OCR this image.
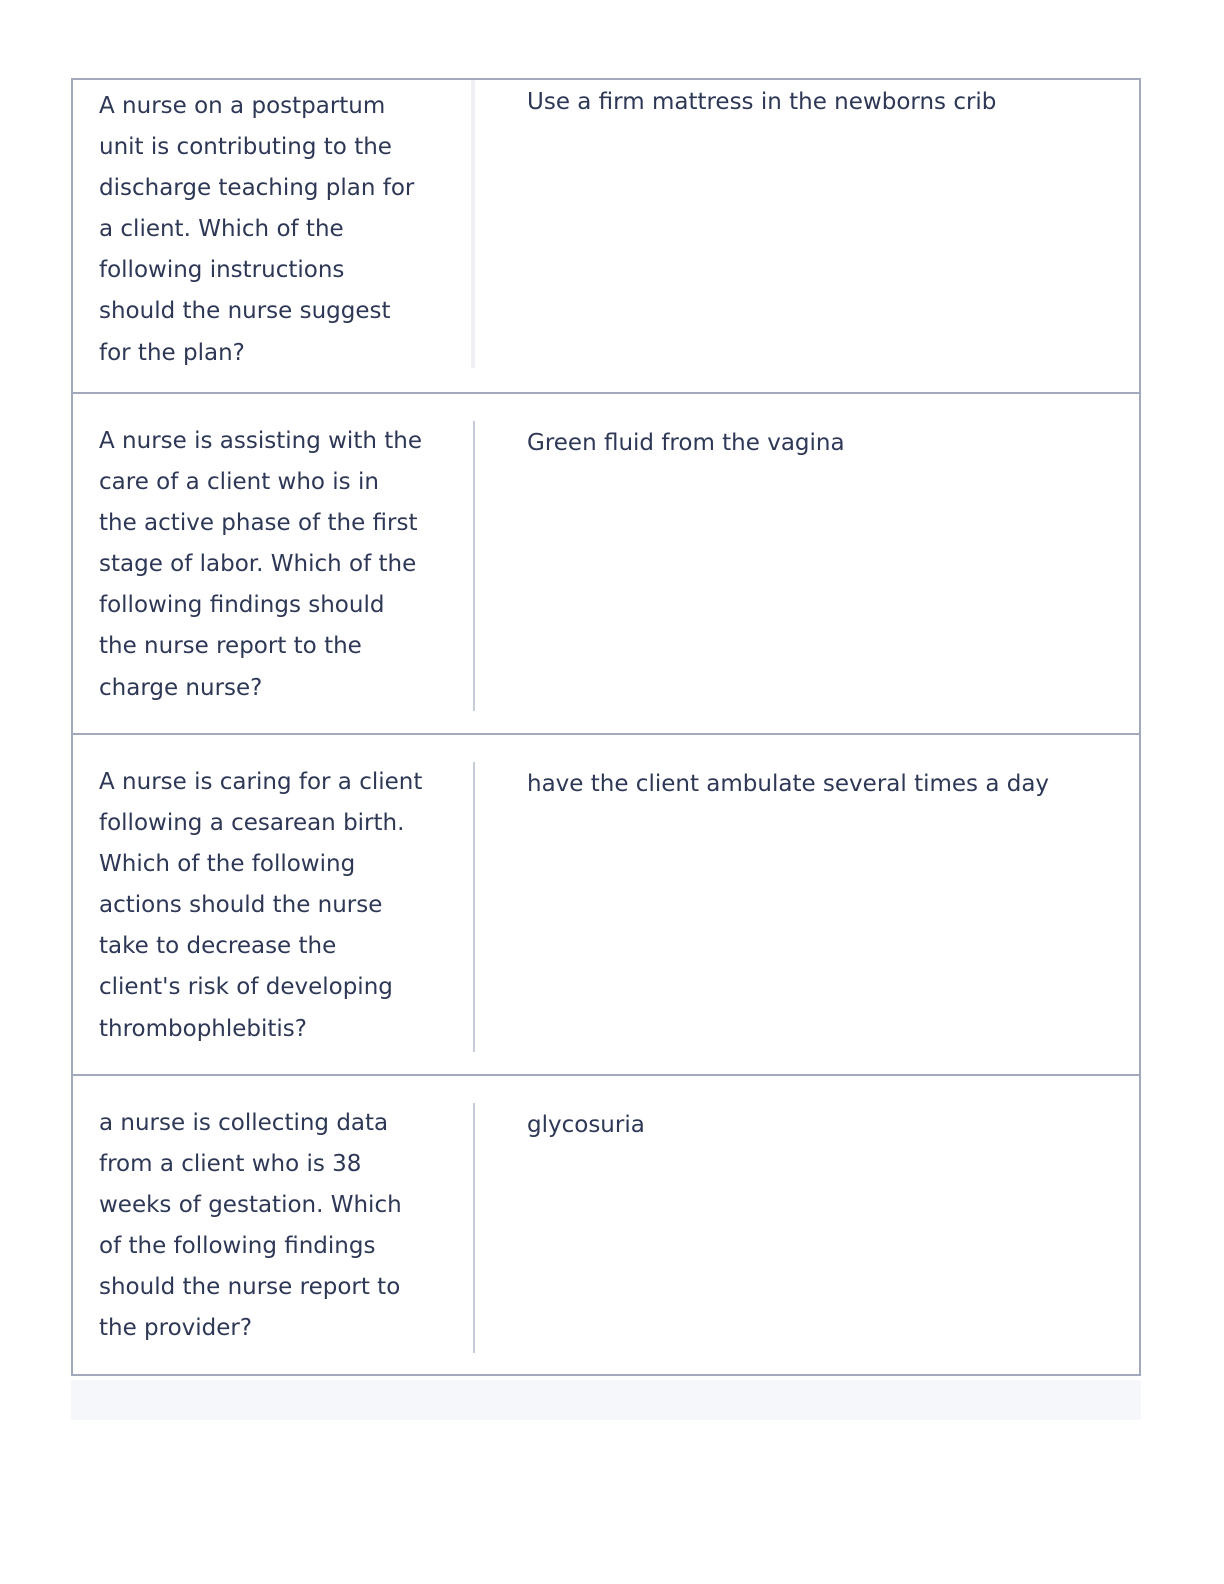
A nurse on a postpartum
unit is contributing to the
discharge teaching plan for
a client. Which of the
following instructions
should the nurse suggest
for the plan?
Use a firm mattress in the newborns crib
A nurse is assisting with the
care of a client who is in
the active phase of the first
stage of labor. Which of the
following findings should
the nurse report to the
charge nurse?
Green fluid from the vagina
A nurse is caring for a client
following a cesarean birth.
Which of the following
actions should the nurse
take to decrease the
client's risk of developing
thrombophlebitis?
have the client ambulate several times a day
a nurse is collecting data
from a client who is 38
weeks of gestation. Which
of the following findings
should the nurse report to
the provider?
glycosuria
